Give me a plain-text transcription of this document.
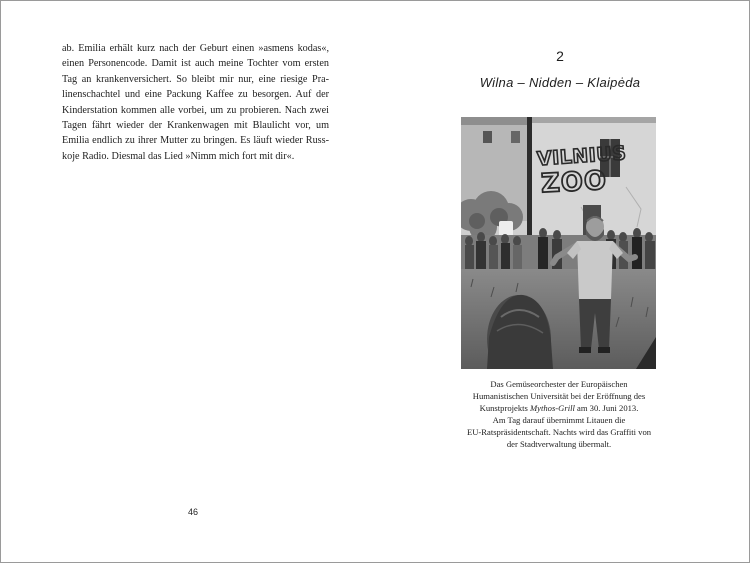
ab. Emilia erhält kurz nach der Geburt einen »asmens kodas«,
einen Personencode. Damit ist auch meine Tochter vom ersten
Tag an krankenversichert. So bleibt mir nur, eine riesige Pra-
linenschachtel und eine Packung Kaffee zu besorgen. Auf der
Kinderstation kommen alle vorbei, um zu probieren. Nach zwei
Tagen fährt wieder der Krankenwagen mit Blaulicht vor, um
Emilia endlich zu ihrer Mutter zu bringen. Es läuft wieder Russ-
koje Radio. Diesmal das Lied »Nimm mich fort mit dir«.

46
2
Wilna – Nidden – Klaipėda
VILNIUS
ZOO

Das Gemüseorchester der Europäischen
Humanistischen Universität bei der Eröffnung des
Kunstprojekts Mythos-Grill am 30. Juni 2013.
Am Tag darauf übernimmt Litauen die
EU-Ratspräsidentschaft. Nachts wird das Graffiti von
der Stadtverwaltung übermalt.
